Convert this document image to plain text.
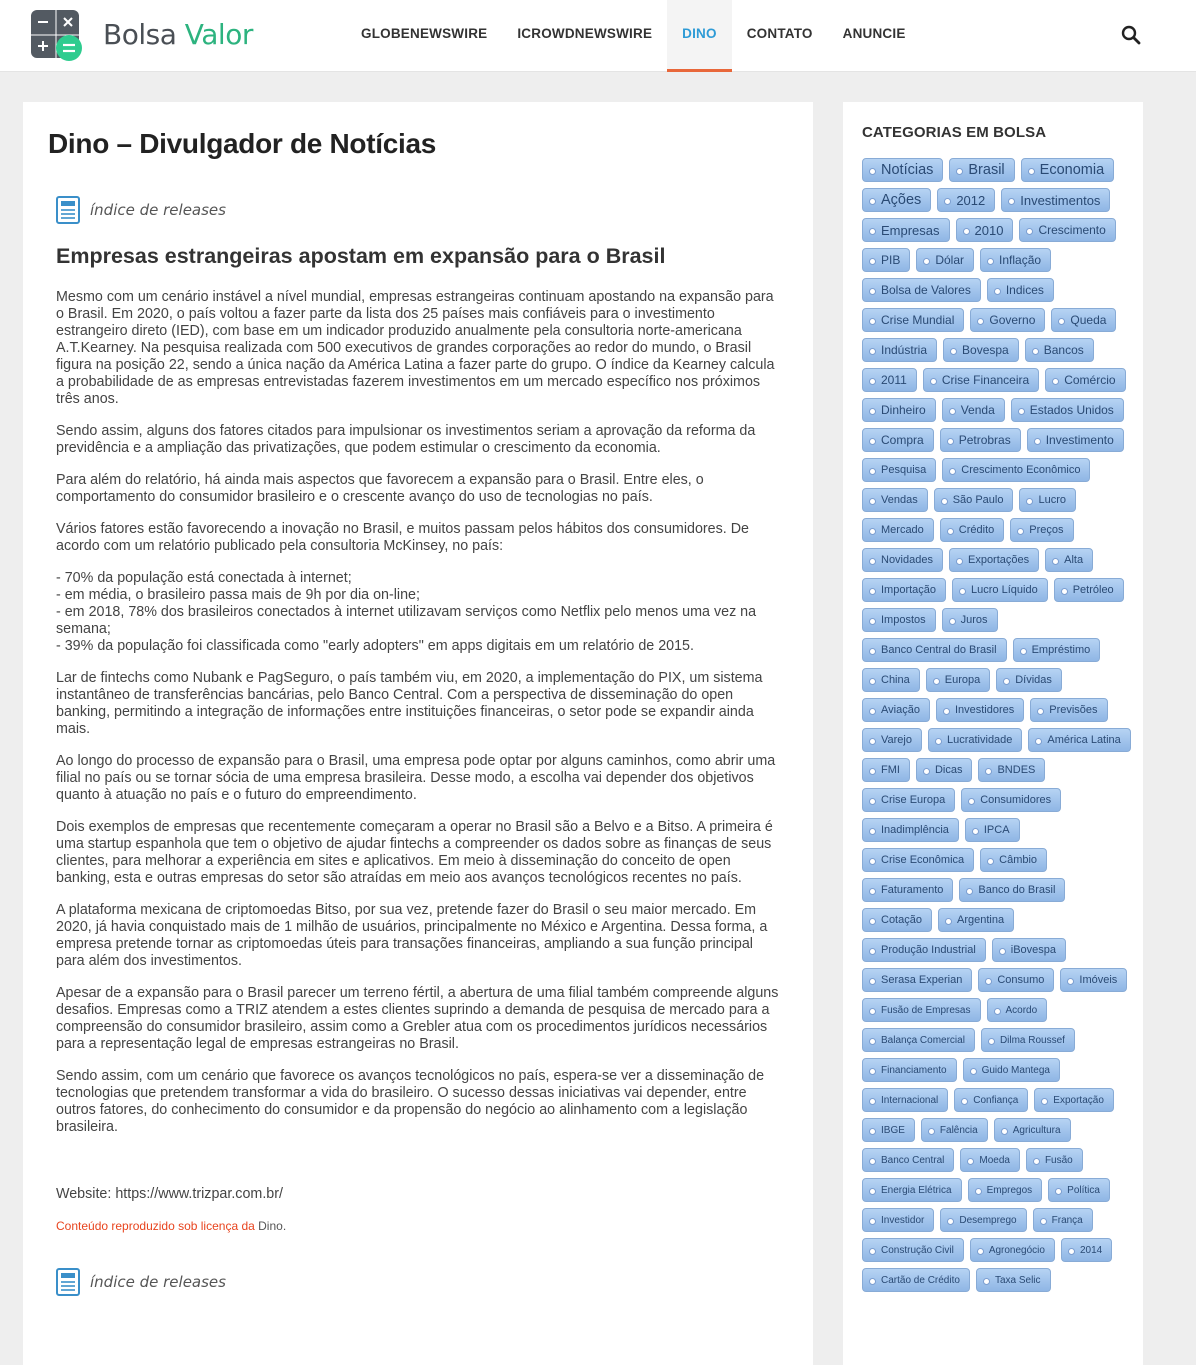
Bolsa Valor	GLOBENEWSWIRE	ICROWDNEWSWIRE	DINO	CONTATO	ANUNCIE
Dino – Divulgador de Notícias
índice de releases
Empresas estrangeiras apostam em expansão para o Brasil

Mesmo com um cenário instável a nível mundial, empresas estrangeiras continuam apostando na expansão para o Brasil. Em 2020, o país voltou a fazer parte da lista dos 25 países mais confiáveis para o investimento estrangeiro direto (IED), com base em um indicador produzido anualmente pela consultoria norte-americana A.T.Kearney. Na pesquisa realizada com 500 executivos de grandes corporações ao redor do mundo, o Brasil figura na posição 22, sendo a única nação da América Latina a fazer parte do grupo. O índice da Kearney calcula a probabilidade de as empresas entrevistadas fazerem investimentos em um mercado específico nos próximos três anos.

Sendo assim, alguns dos fatores citados para impulsionar os investimentos seriam a aprovação da reforma da previdência e a ampliação das privatizações, que podem estimular o crescimento da economia.

Para além do relatório, há ainda mais aspectos que favorecem a expansão para o Brasil. Entre eles, o comportamento do consumidor brasileiro e o crescente avanço do uso de tecnologias no país.

Vários fatores estão favorecendo a inovação no Brasil, e muitos passam pelos hábitos dos consumidores. De acordo com um relatório publicado pela consultoria McKinsey, no país:

- 70% da população está conectada à internet;
- em média, o brasileiro passa mais de 9h por dia on-line;
- em 2018, 78% dos brasileiros conectados à internet utilizavam serviços como Netflix pelo menos uma vez na semana;
- 39% da população foi classificada como "early adopters" em apps digitais em um relatório de 2015.

Lar de fintechs como Nubank e PagSeguro, o país também viu, em 2020, a implementação do PIX, um sistema instantâneo de transferências bancárias, pelo Banco Central. Com a perspectiva de disseminação do open banking, permitindo a integração de informações entre instituições financeiras, o setor pode se expandir ainda mais.

Ao longo do processo de expansão para o Brasil, uma empresa pode optar por alguns caminhos, como abrir uma filial no país ou se tornar sócia de uma empresa brasileira. Desse modo, a escolha vai depender dos objetivos quanto à atuação no país e o futuro do empreendimento.

Dois exemplos de empresas que recentemente começaram a operar no Brasil são a Belvo e a Bitso. A primeira é uma startup espanhola que tem o objetivo de ajudar fintechs a compreender os dados sobre as finanças de seus clientes, para melhorar a experiência em sites e aplicativos. Em meio à disseminação do conceito de open banking, esta e outras empresas do setor são atraídas em meio aos avanços tecnológicos recentes no país.

A plataforma mexicana de criptomoedas Bitso, por sua vez, pretende fazer do Brasil o seu maior mercado. Em 2020, já havia conquistado mais de 1 milhão de usuários, principalmente no México e Argentina. Dessa forma, a empresa pretende tornar as criptomoedas úteis para transações financeiras, ampliando a sua função principal para além dos investimentos.

Apesar de a expansão para o Brasil parecer um terreno fértil, a abertura de uma filial também compreende alguns desafios. Empresas como a TRIZ atendem a estes clientes suprindo a demanda de pesquisa de mercado para a compreensão do consumidor brasileiro, assim como a Grebler atua com os procedimentos jurídicos necessários para a representação legal de empresas estrangeiras no Brasil.

Sendo assim, com um cenário que favorece os avanços tecnológicos no país, espera-se ver a disseminação de tecnologias que pretendem transformar a vida do brasileiro. O sucesso dessas iniciativas vai depender, entre outros fatores, do conhecimento do consumidor e da propensão do negócio ao alinhamento com a legislação brasileira.

Website: https://www.trizpar.com.br/
Conteúdo reproduzido sob licença da Dino.
índice de releases
CATEGORIAS EM BOLSA
Notícias	Brasil	Economia
Ações	2012	Investimentos
Empresas	2010	Crescimento
PIB	Dólar	Inflação
Bolsa de Valores	Indices
Crise Mundial	Governo	Queda
Indústria	Bovespa	Bancos
2011	Crise Financeira	Comércio
Dinheiro	Venda	Estados Unidos
Compra	Petrobras	Investimento
Pesquisa	Crescimento Econômico
Vendas	São Paulo	Lucro
Mercado	Crédito	Preços
Novidades	Exportações	Alta
Importação	Lucro Líquido	Petróleo
Impostos	Juros
Banco Central do Brasil	Empréstimo
China	Europa	Dívidas
Aviação	Investidores	Previsões
Varejo	Lucratividade	América Latina
FMI	Dicas	BNDES
Crise Europa	Consumidores
Inadimplência	IPCA
Crise Econômica	Câmbio
Faturamento	Banco do Brasil
Cotação	Argentina
Produção Industrial	iBovespa
Serasa Experian	Consumo	Imóveis
Fusão de Empresas	Acordo
Balança Comercial	Dilma Roussef
Financiamento	Guido Mantega
Internacional	Confiança	Exportação
IBGE	Falência	Agricultura
Banco Central	Moeda	Fusão
Energia Elétrica	Empregos	Política
Investidor	Desemprego	França
Construção Civil	Agronegócio	2014
Cartão de Crédito	Taxa Selic
